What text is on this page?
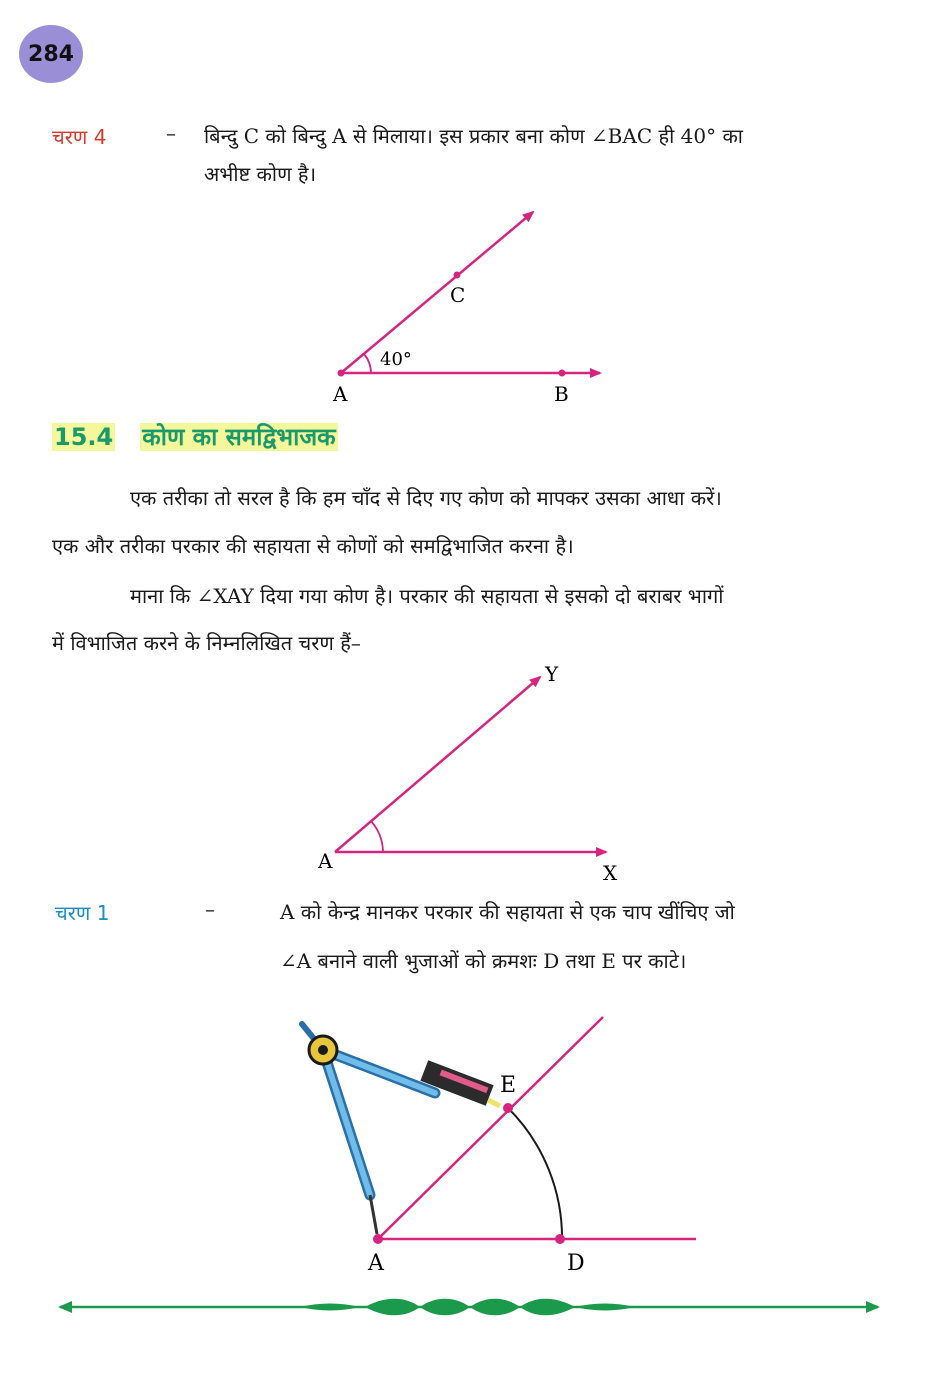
284
चरण 4	– बिन्दु C को बिन्दु A से मिलाया। इस प्रकार बना कोण ∠BAC ही 40° का
अभीष्ट कोण है।
A	B
C
40°
A	X
Y
A	D
E
15.4 कोण का समद्विभाजक
एक तरीका तो सरल है कि हम चाँद से दिए गए कोण को मापकर उसका आधा करें।
एक और तरीका परकार की सहायता से कोणों को समद्विभाजित करना है।
माना कि ∠XAY दिया गया कोण है। परकार की सहायता से इसको दो बराबर भागों
में विभाजित करने के निम्नलिखित चरण हैं–
चरण 1	–	A को केन्द्र मानकर परकार की सहायता से एक चाप खींचिए जो
∠A बनाने वाली भुजाओं को क्रमशः D तथा E पर काटे।
